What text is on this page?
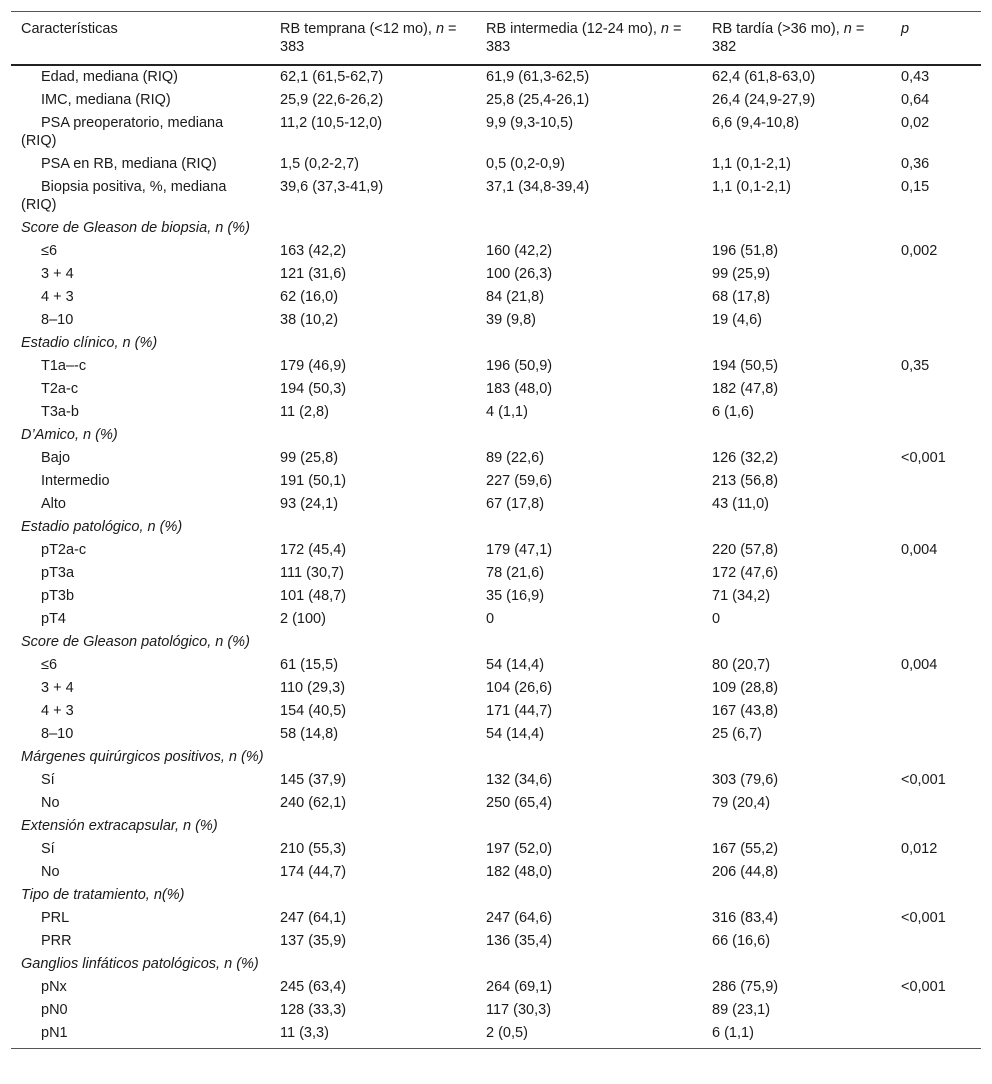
Características	RB temprana (<12 mo), n = 383	RB intermedia (12-24 mo), n = 383	RB tardía (>36 mo), n = 382	p
Edad, mediana (RIQ)	62,1 (61,5-62,7)	61,9 (61,3-62,5)	62,4 (61,8-63,0)	0,43
IMC, mediana (RIQ)	25,9 (22,6-26,2)	25,8 (25,4-26,1)	26,4 (24,9-27,9)	0,64
PSA preoperatorio, mediana (RIQ)	11,2 (10,5-12,0)	9,9 (9,3-10,5)	6,6 (9,4-10,8)	0,02
PSA en RB, mediana (RIQ)	1,5 (0,2-2,7)	0,5 (0,2-0,9)	1,1 (0,1-2,1)	0,36
Biopsia positiva, %, mediana (RIQ)	39,6 (37,3-41,9)	37,1 (34,8-39,4)	1,1 (0,1-2,1)	0,15
Score de Gleason de biopsia, n (%)				
≤6	163 (42,2)	160 (42,2)	196 (51,8)	0,002
3 + 4	121 (31,6)	100 (26,3)	99 (25,9)	
4 + 3	62 (16,0)	84 (21,8)	68 (17,8)	
8–10	38 (10,2)	39 (9,8)	19 (4,6)	
Estadio clínico, n (%)				
T1a–-c	179 (46,9)	196 (50,9)	194 (50,5)	0,35
T2a-c	194 (50,3)	183 (48,0)	182 (47,8)	
T3a-b	11 (2,8)	4 (1,1)	6 (1,6)	
D’Amico, n (%)				
Bajo	99 (25,8)	89 (22,6)	126 (32,2)	<0,001
Intermedio	191 (50,1)	227 (59,6)	213 (56,8)	
Alto	93 (24,1)	67 (17,8)	43 (11,0)	
Estadio patológico, n (%)				
pT2a-c	172 (45,4)	179 (47,1)	220 (57,8)	0,004
pT3a	111 (30,7)	78 (21,6)	172 (47,6)	
pT3b	101 (48,7)	35 (16,9)	71 (34,2)	
pT4	2 (100)	0	0	
Score de Gleason patológico, n (%)				
≤6	61 (15,5)	54 (14,4)	80 (20,7)	0,004
3 + 4	110 (29,3)	104 (26,6)	109 (28,8)	
4 + 3	154 (40,5)	171 (44,7)	167 (43,8)	
8–10	58 (14,8)	54 (14,4)	25 (6,7)	
Márgenes quirúrgicos positivos, n (%)				
Sí	145 (37,9)	132 (34,6)	303 (79,6)	<0,001
No	240 (62,1)	250 (65,4)	79 (20,4)	
Extensión extracapsular, n (%)				
Sí	210 (55,3)	197 (52,0)	167 (55,2)	0,012
No	174 (44,7)	182 (48,0)	206 (44,8)	
Tipo de tratamiento, n(%)				
PRL	247 (64,1)	247 (64,6)	316 (83,4)	<0,001
PRR	137 (35,9)	136 (35,4)	66 (16,6)	
Ganglios linfáticos patológicos, n (%)				
pNx	245 (63,4)	264 (69,1)	286 (75,9)	<0,001
pN0	128 (33,3)	117 (30,3)	89 (23,1)	
pN1	11 (3,3)	2 (0,5)	6 (1,1)	
